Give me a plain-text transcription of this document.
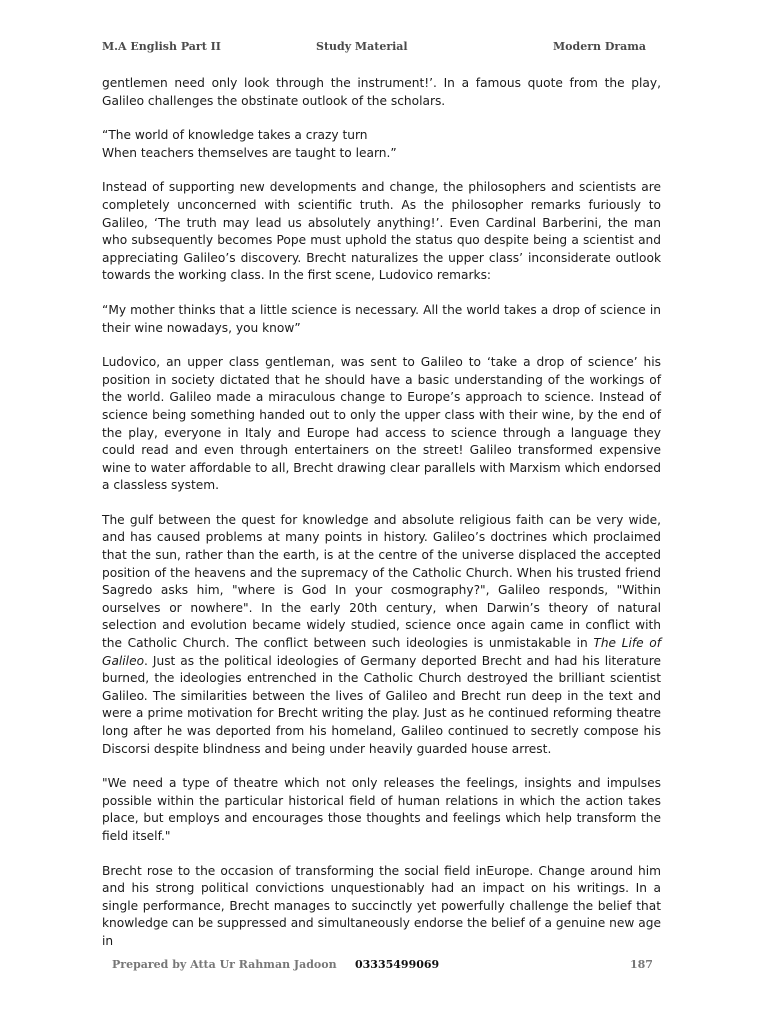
M.A English Part II	Study Material	Modern Drama

gentlemen need only look through the instrument!’. In a famous quote from the play, Galileo challenges the obstinate outlook of the scholars.

“The world of knowledge takes a crazy turn
When teachers themselves are taught to learn.”

Instead of supporting new developments and change, the philosophers and scientists are completely unconcerned with scientific truth. As the philosopher remarks furiously to Galileo, ‘The truth may lead us absolutely anything!’. Even Cardinal Barberini, the man who subsequently becomes Pope must uphold the status quo despite being a scientist and appreciating Galileo’s discovery. Brecht naturalizes the upper class’ inconsiderate outlook towards the working class. In the first scene, Ludovico remarks:

“My mother thinks that a little science is necessary. All the world takes a drop of science in their wine nowadays, you know”

Ludovico, an upper class gentleman, was sent to Galileo to ‘take a drop of science’ his position in society dictated that he should have a basic understanding of the workings of the world. Galileo made a miraculous change to Europe’s approach to science. Instead of science being something handed out to only the upper class with their wine, by the end of the play, everyone in Italy and Europe had access to science through a language they could read and even through entertainers on the street! Galileo transformed expensive wine to water affordable to all, Brecht drawing clear parallels with Marxism which endorsed a classless system.

The gulf between the quest for knowledge and absolute religious faith can be very wide, and has caused problems at many points in history. Galileo’s doctrines which proclaimed that the sun, rather than the earth, is at the centre of the universe displaced the accepted position of the heavens and the supremacy of the Catholic Church. When his trusted friend Sagredo asks him, "where is God In your cosmography?", Galileo responds, "Within ourselves or nowhere". In the early 20th century, when Darwin’s theory of natural selection and evolution became widely studied, science once again came in conflict with the Catholic Church. The conflict between such ideologies is unmistakable in The Life of Galileo. Just as the political ideologies of Germany deported Brecht and had his literature burned, the ideologies entrenched in the Catholic Church destroyed the brilliant scientist Galileo. The similarities between the lives of Galileo and Brecht run deep in the text and were a prime motivation for Brecht writing the play. Just as he continued reforming theatre long after he was deported from his homeland, Galileo continued to secretly compose his Discorsi despite blindness and being under heavily guarded house arrest.

"We need a type of theatre which not only releases the feelings, insights and impulses possible within the particular historical field of human relations in which the action takes place, but employs and encourages those thoughts and feelings which help transform the field itself."

Brecht rose to the occasion of transforming the social field inEurope. Change around him and his strong political convictions unquestionably had an impact on his writings. In a single performance, Brecht manages to succinctly yet powerfully challenge the belief that knowledge can be suppressed and simultaneously endorse the belief of a genuine new age in

Prepared by Atta Ur Rahman Jadoon 03335499069	187
